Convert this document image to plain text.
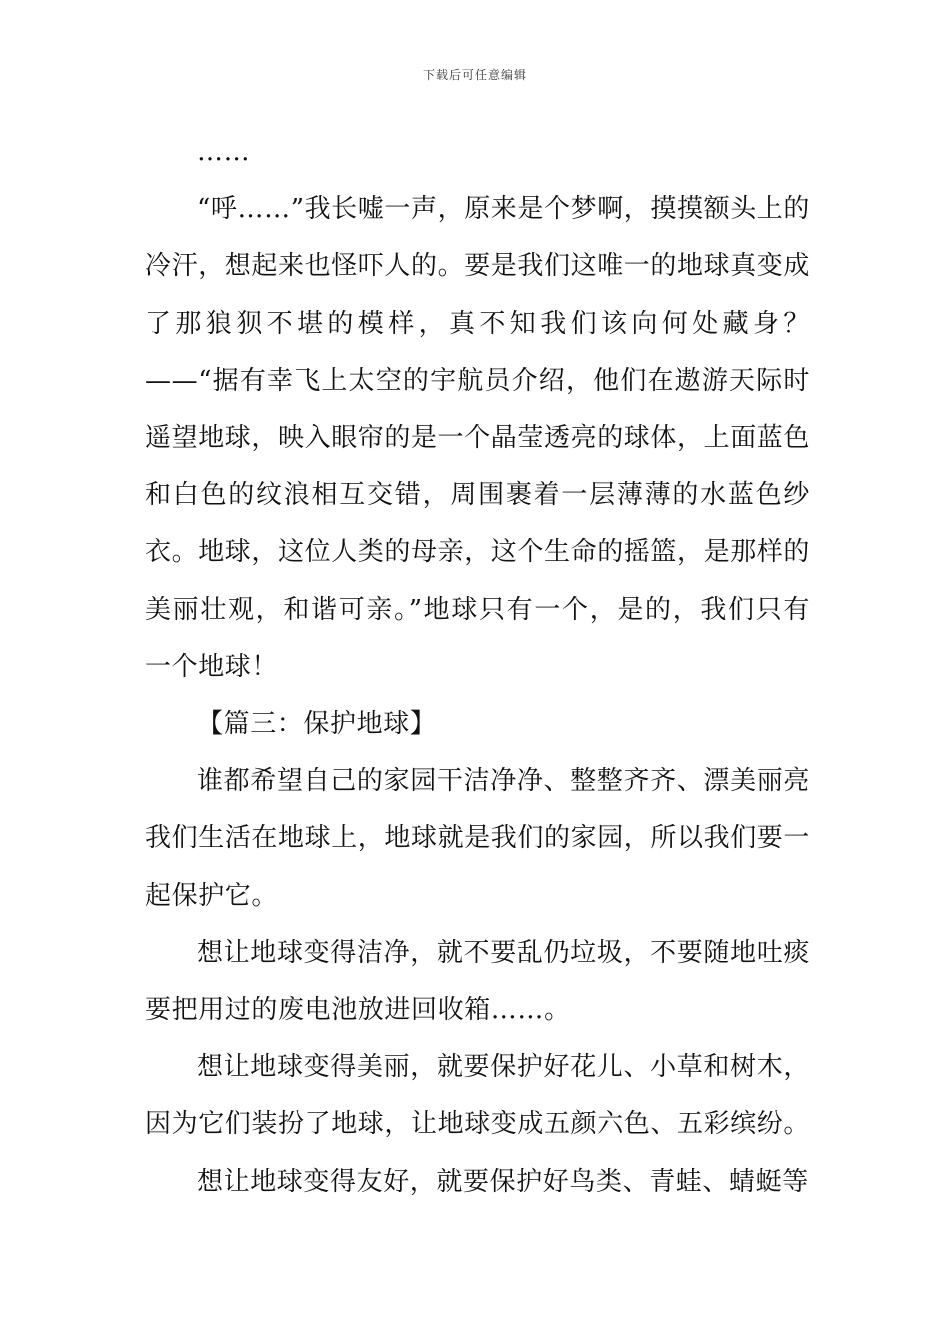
下载后可任意编辑

……

“呼……”我长嘘一声，原来是个梦啊，摸摸额头上的冷汗，想起来也怪吓人的。要是我们这唯一的地球真变成了那狼狈不堪的模样，真不知我们该向何处藏身？——“据有幸飞上太空的宇航员介绍，他们在遨游天际时遥望地球，映入眼帘的是一个晶莹透亮的球体，上面蓝色和白色的纹浪相互交错，周围裹着一层薄薄的水蓝色纱衣。地球，这位人类的母亲，这个生命的摇篮，是那样的美丽壮观，和谐可亲。”地球只有一个，是的，我们只有一个地球！

【篇三：保护地球】

谁都希望自己的家园干洁净净、整整齐齐、漂美丽亮我们生活在地球上，地球就是我们的家园，所以我们要一起保护它。

想让地球变得洁净，就不要乱仍垃圾，不要随地吐痰要把用过的废电池放进回收箱……。

想让地球变得美丽，就要保护好花儿、小草和树木，因为它们装扮了地球，让地球变成五颜六色、五彩缤纷。

想让地球变得友好，就要保护好鸟类、青蛙、蜻蜓等
